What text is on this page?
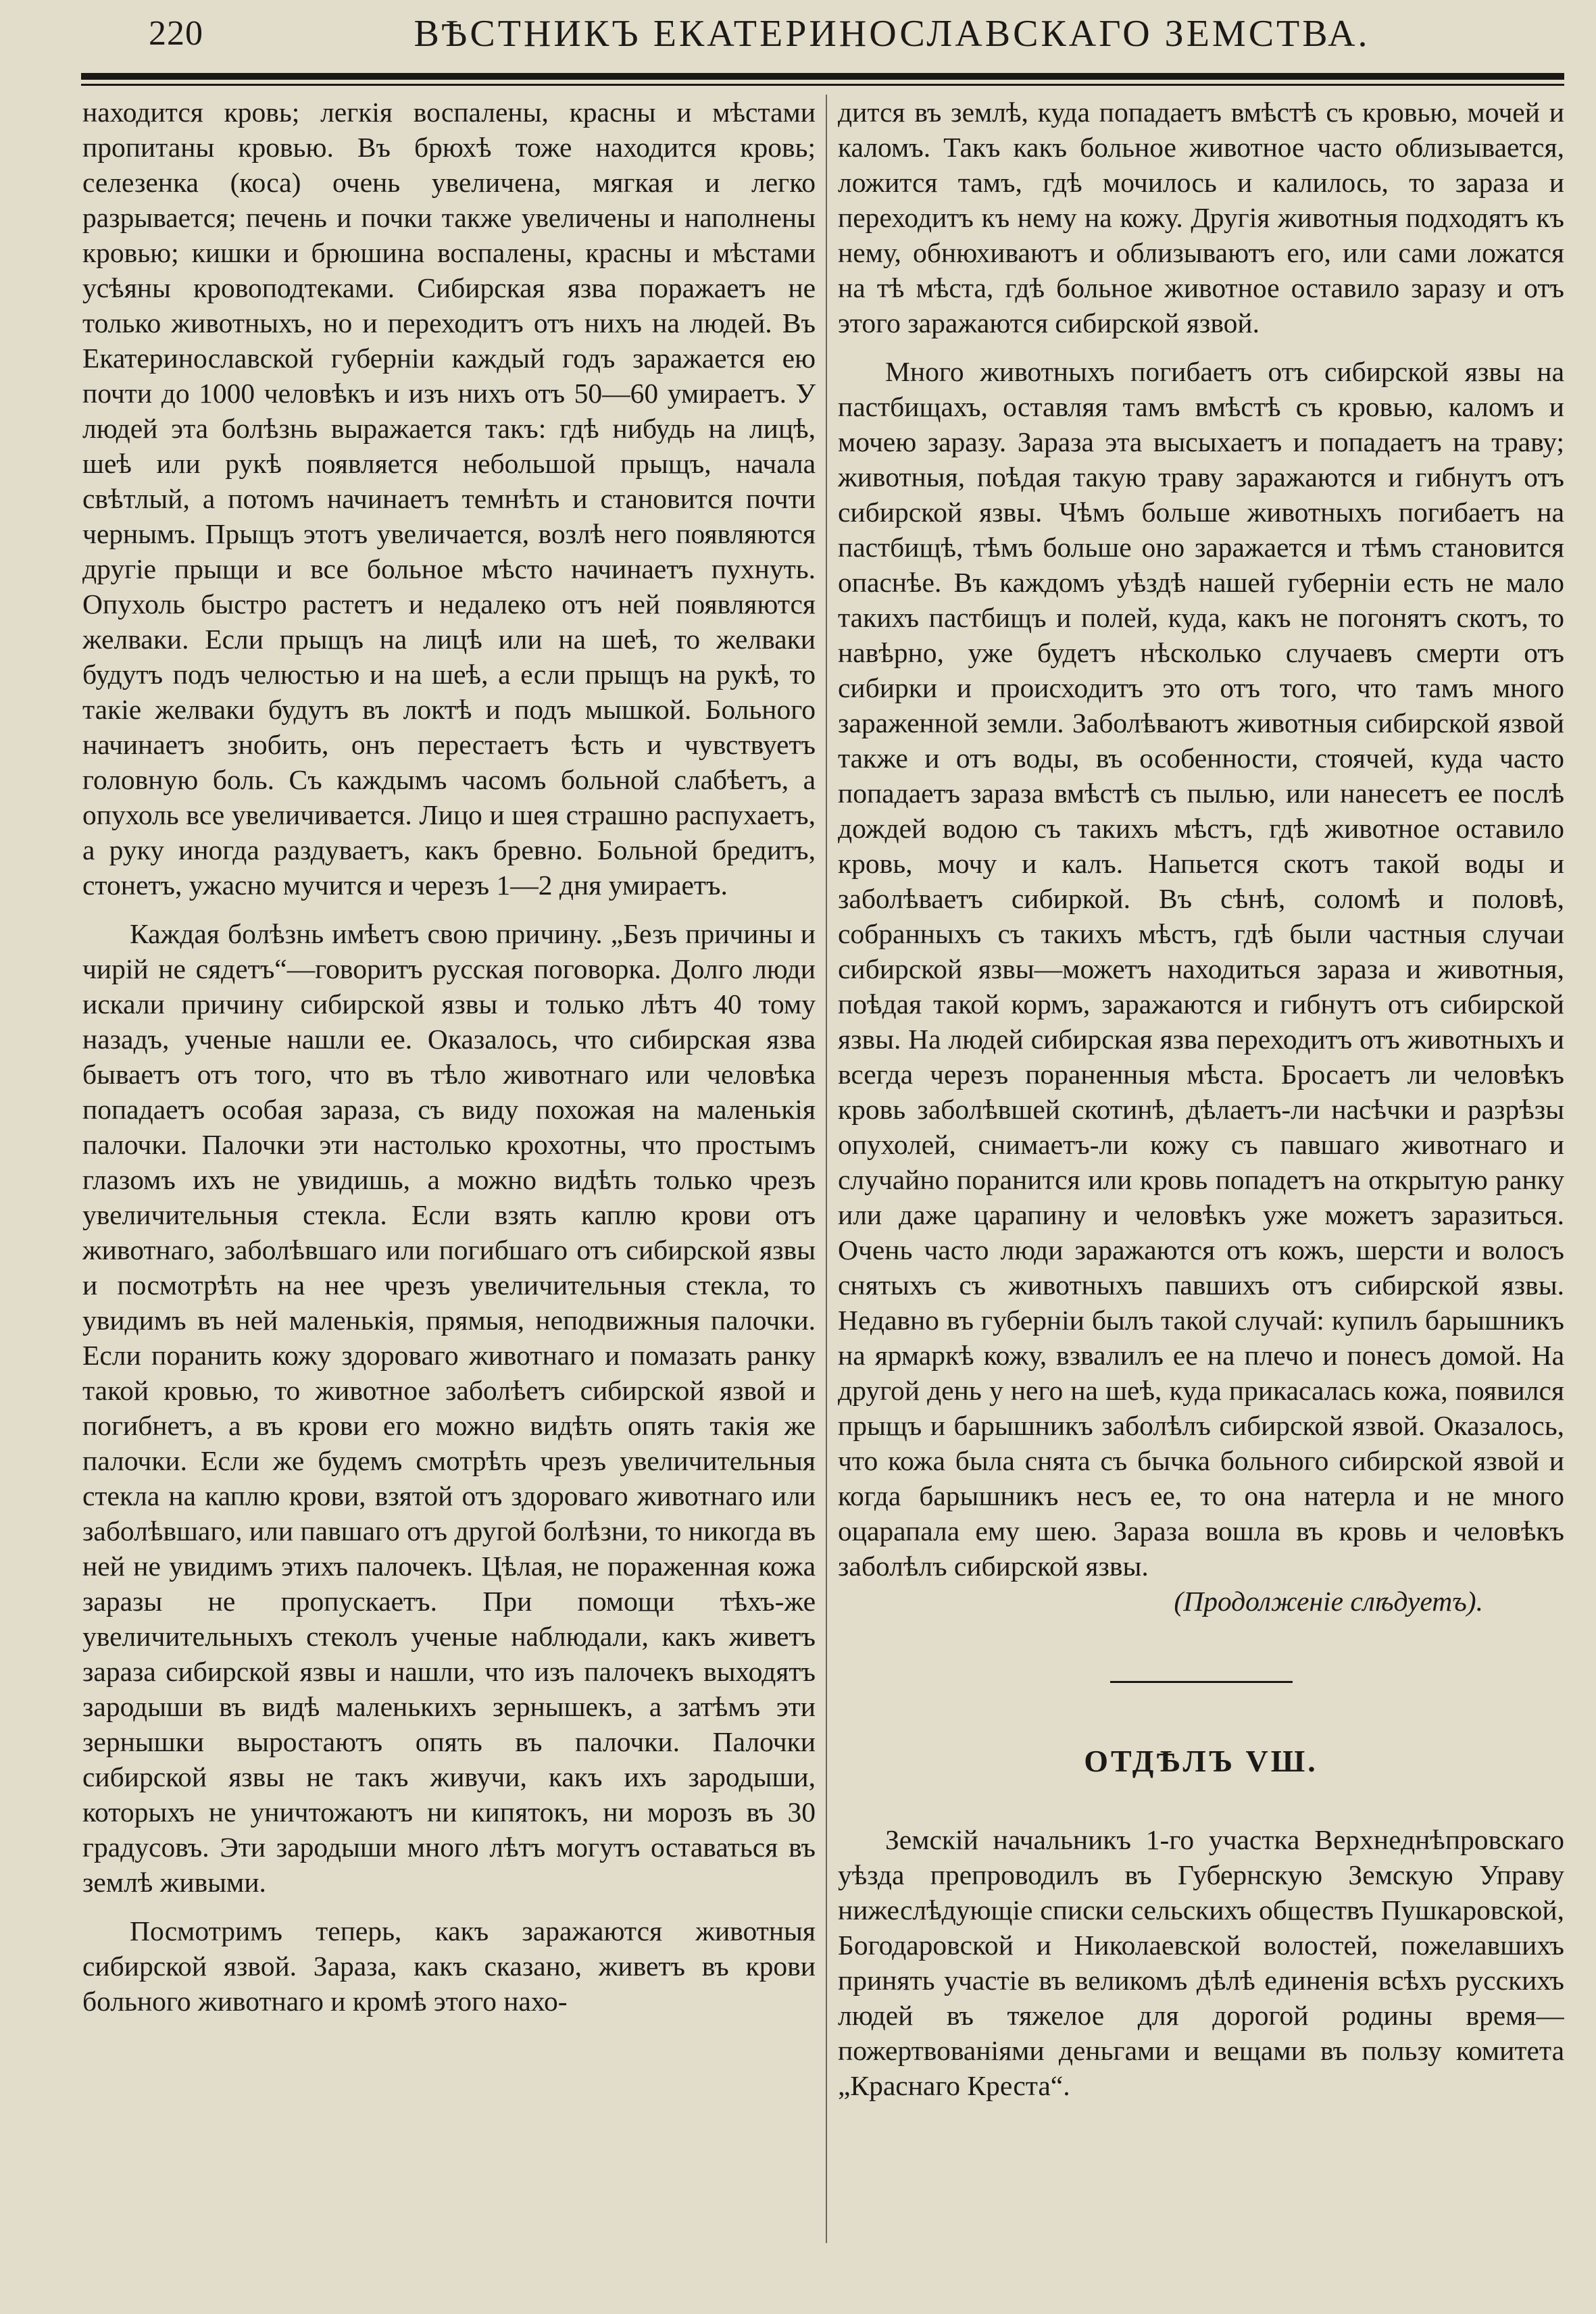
220	ВѢСТНИКЪ ЕКАТЕРИНОСЛАВСКАГО ЗЕМСТВА.

находится кровь; легкія воспалены, красны и мѣстами пропитаны кровью. Въ брюхѣ тоже находится кровь; селезенка (коса) очень увеличена, мягкая и легко разрывается; печень и почки также увеличены и наполнены кровью; кишки и брюшина воспалены, красны и мѣстами усѣяны кровоподтеками. Сибирская язва поражаетъ не только животныхъ, но и переходитъ отъ нихъ на людей. Въ Екатеринославской губерніи каждый годъ заражается ею почти до 1000 человѣкъ и изъ нихъ отъ 50—60 умираетъ. У людей эта болѣзнь выражается такъ: гдѣ нибудь на лицѣ, шеѣ или рукѣ появляется небольшой прыщъ, начала свѣтлый, а потомъ начинаетъ темнѣть и становится почти чернымъ. Прыщъ этотъ увеличается, возлѣ него появляются другіе прыщи и все больное мѣсто начинаетъ пухнуть. Опухоль быстро растетъ и недалеко отъ ней появляются желваки. Если прыщъ на лицѣ или на шеѣ, то желваки будутъ подъ челюстью и на шеѣ, а если прыщъ на рукѣ, то такіе желваки будутъ въ локтѣ и подъ мышкой. Больного начинаетъ знобить, онъ перестаетъ ѣсть и чувствуетъ головную боль. Съ каждымъ часомъ больной слабѣетъ, а опухоль все увеличивается. Лицо и шея страшно распухаетъ, а руку иногда раздуваетъ, какъ бревно. Больной бредитъ, стонетъ, ужасно мучится и черезъ 1—2 дня умираетъ.

Каждая болѣзнь имѣетъ свою причину. „Безъ причины и чирій не сядетъ“—говоритъ русская поговорка. Долго люди искали причину сибирской язвы и только лѣтъ 40 тому назадъ, ученые нашли ее. Оказалось, что сибирская язва бываетъ отъ того, что въ тѣло животнаго или человѣка попадаетъ особая зараза, съ виду похожая на маленькія палочки. Палочки эти настолько крохотны, что простымъ глазомъ ихъ не увидишь, а можно видѣть только чрезъ увеличительныя стекла. Если взять каплю крови отъ животнаго, заболѣвшаго или погибшаго отъ сибирской язвы и посмотрѣть на нее чрезъ увеличительныя стекла, то увидимъ въ ней маленькія, прямыя, неподвижныя палочки. Если поранить кожу здороваго животнаго и помазать ранку такой кровью, то животное заболѣетъ сибирской язвой и погибнетъ, а въ крови его можно видѣть опять такія же палочки. Если же будемъ смотрѣть чрезъ увеличительныя стекла на каплю крови, взятой отъ здороваго животнаго или заболѣвшаго, или павшаго отъ другой болѣзни, то никогда въ ней не увидимъ этихъ палочекъ. Цѣлая, не пораженная кожа заразы не пропускаетъ. При помощи тѣхъ-же увеличительныхъ стеколъ ученые наблюдали, какъ живетъ зараза сибирской язвы и нашли, что изъ палочекъ выходятъ зародыши въ видѣ маленькихъ зернышекъ, а затѣмъ эти зернышки выростаютъ опять въ палочки. Палочки сибирской язвы не такъ живучи, какъ ихъ зародыши, которыхъ не уничтожаютъ ни кипятокъ, ни морозъ въ 30 градусовъ. Эти зародыши много лѣтъ могутъ оставаться въ землѣ живыми.

Посмотримъ теперь, какъ заражаются животныя сибирской язвой. Зараза, какъ сказано, живетъ въ крови больного животнаго и кромѣ этого нахо-

дится въ землѣ, куда попадаетъ вмѣстѣ съ кровью, мочей и каломъ. Такъ какъ больное животное часто облизывается, ложится тамъ, гдѣ мочилось и калилось, то зараза и переходитъ къ нему на кожу. Другія животныя подходятъ къ нему, обнюхиваютъ и облизываютъ его, или сами ложатся на тѣ мѣста, гдѣ больное животное оставило заразу и отъ этого заражаются сибирской язвой.

Много животныхъ погибаетъ отъ сибирской язвы на пастбищахъ, оставляя тамъ вмѣстѣ съ кровью, каломъ и мочею заразу. Зараза эта высыхаетъ и попадаетъ на траву; животныя, поѣдая такую траву заражаются и гибнутъ отъ сибирской язвы. Чѣмъ больше животныхъ погибаетъ на пастбищѣ, тѣмъ больше оно заражается и тѣмъ становится опаснѣе. Въ каждомъ уѣздѣ нашей губерніи есть не мало такихъ пастбищъ и полей, куда, какъ не погонятъ скотъ, то навѣрно, уже будетъ нѣсколько случаевъ смерти отъ сибирки и происходитъ это отъ того, что тамъ много зараженной земли. Заболѣваютъ животныя сибирской язвой также и отъ воды, въ особенности, стоячей, куда часто попадаетъ зараза вмѣстѣ съ пылью, или нанесетъ ее послѣ дождей водою съ такихъ мѣстъ, гдѣ животное оставило кровь, мочу и калъ. Напьется скотъ такой воды и заболѣваетъ сибиркой. Въ сѣнѣ, соломѣ и половѣ, собранныхъ съ такихъ мѣстъ, гдѣ были частныя случаи сибирской язвы—можетъ находиться зараза и животныя, поѣдая такой кормъ, заражаются и гибнутъ отъ сибирской язвы. На людей сибирская язва переходитъ отъ животныхъ и всегда черезъ пораненныя мѣста. Бросаетъ ли человѣкъ кровь заболѣвшей скотинѣ, дѣлаетъ-ли насѣчки и разрѣзы опухолей, снимаетъ-ли кожу съ павшаго животнаго и случайно поранится или кровь попадетъ на открытую ранку или даже царапину и человѣкъ уже можетъ заразиться. Очень часто люди заражаются отъ кожъ, шерсти и волосъ снятыхъ съ животныхъ павшихъ отъ сибирской язвы. Недавно въ губерніи былъ такой случай: купилъ барышникъ на ярмаркѣ кожу, взвалилъ ее на плечо и понесъ домой. На другой день у него на шеѣ, куда прикасалась кожа, появился прыщъ и барышникъ заболѣлъ сибирской язвой. Оказалось, что кожа была снята съ бычка больного сибирской язвой и когда барышникъ несъ ее, то она натерла и не много оцарапала ему шею. Зараза вошла въ кровь и человѣкъ заболѣлъ сибирской язвы.

(Продолженіе слѣдуетъ).

ОТДѢЛЪ VШ.

Земскій начальникъ 1-го участка Верхнеднѣпровскаго уѣзда препроводилъ въ Губернскую Земскую Управу нижеслѣдующіе списки сельскихъ обществъ Пушкаровской, Богодаровской и Николаевской волостей, пожелавшихъ принять участіе въ великомъ дѣлѣ единенія всѣхъ русскихъ людей въ тяжелое для дорогой родины время—пожертвованіями деньгами и вещами въ пользу комитета „Краснаго Креста“.
